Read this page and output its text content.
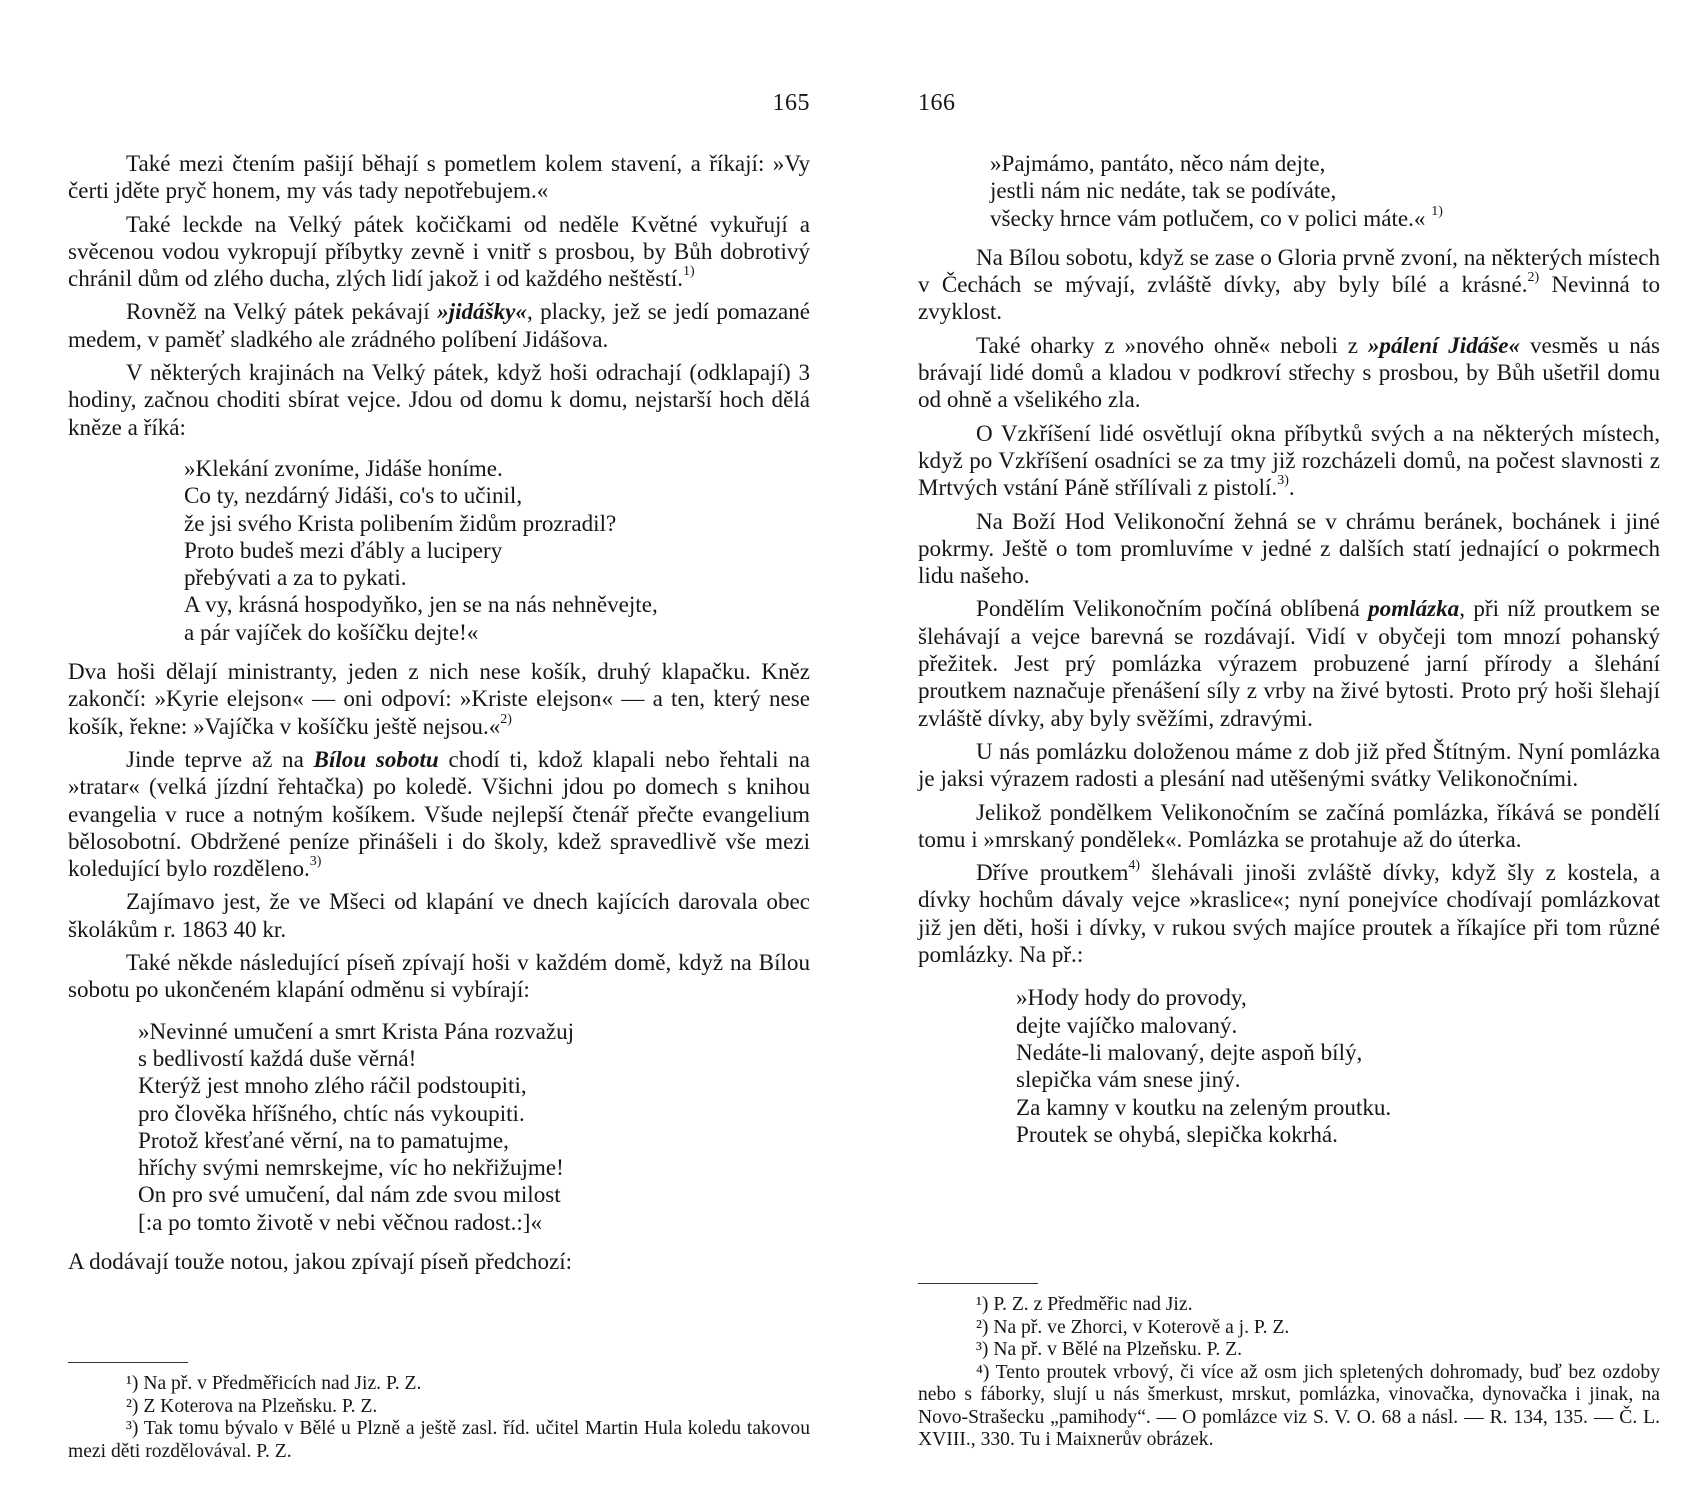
165

Také mezi čtením pašijí běhají s pometlem kolem stavení, a říkají: »Vy čerti jděte pryč honem, my vás tady nepotřebujem.«

Také leckde na Velký pátek kočičkami od neděle Květné vykuřují a svěcenou vodou vykropují příbytky zevně i vnitř s prosbou, by Bůh dobrotivý chránil dům od zlého ducha, zlých lidí jakož i od každého neštěstí.$^{1)}$

Rovněž na Velký pátek pekávají »jidášky«, placky, jež se jedí pomazané medem, v paměť sladkého ale zrádného políbení Jidášova.

V některých krajinách na Velký pátek, když hoši odrachají (odklapají) 3 hodiny, začnou choditi sbírat vejce. Jdou od domu k domu, nejstarší hoch dělá kněze a říká:

»Klekání zvoníme, Jidáše honíme.
Co ty, nezdárný Jidáši, co's to učinil,
že jsi svého Krista polibením židům prozradil?
Proto budeš mezi ďábly a lucipery
přebývati a za to pykati.
A vy, krásná hospodyňko, jen se na nás nehněvejte,
a pár vajíček do košíčku dejte!«

Dva hoši dělají ministranty, jeden z nich nese košík, druhý klapačku. Kněz zakončí: »Kyrie elejson« — oni odpoví: »Kriste elejson« — a ten, který nese košík, řekne: »Vajíčka v košíčku ještě nejsou.«$^{2)}$

Jinde teprve až na Bílou sobotu chodí ti, kdož klapali nebo řehtali na »tratar« (velká jízdní řehtačka) po koledě. Všichni jdou po domech s knihou evangelia v ruce a notným košíkem. Všude nejlepší čtenář přečte evangelium bělosobotní. Obdržené peníze přinášeli i do školy, kdež spravedlivě vše mezi koledující bylo rozděleno.$^{3)}$

Zajímavo jest, že ve Mšeci od klapání ve dnech kajících darovala obec školákům r. 1863 40 kr.

Také někde následující píseň zpívají hoši v každém domě, když na Bílou sobotu po ukončeném klapání odměnu si vybírají:

»Nevinné umučení a smrt Krista Pána rozvažuj
s bedlivostí každá duše věrná!
Kterýž jest mnoho zlého ráčil podstoupiti,
pro člověka hříšného, chtíc nás vykoupiti.
Protož křesťané věrní, na to pamatujme,
hříchy svými nemrskejme, víc ho nekřižujme!
On pro své umučení, dal nám zde svou milost
[:a po tomto životě v nebi věčnou radost.:]«

A dodávají touže notou, jakou zpívají píseň předchozí:

¹) Na př. v Předměřicích nad Jiz. P. Z.

²) Z Koterova na Plzeňsku. P. Z.

³) Tak tomu bývalo v Bělé u Plzně a ještě zasl. říd. učitel Martin Hula koledu takovou mezi děti rozdělovával. P. Z.

166
»Pajmámo, pantáto, něco nám dejte,
jestli nám nic nedáte, tak se podíváte,
všecky hrnce vám potlučem, co v polici máte.« $^{1)}$

Na Bílou sobotu, když se zase o Gloria prvně zvoní, na některých místech v Čechách se mývají, zvláště dívky, aby byly bílé a krásné.$^{2)}$ Nevinná to zvyklost.

Také oharky z »nového ohně« neboli z »pálení Jidáše« vesměs u nás brávají lidé domů a kladou v podkroví střechy s prosbou, by Bůh ušetřil domu od ohně a všelikého zla.

O Vzkříšení lidé osvětlují okna příbytků svých a na některých místech, když po Vzkříšení osadníci se za tmy již rozcházeli domů, na počest slavnosti z Mrtvých vstání Páně střílívali z pistolí.$^{3)}$.

Na Boží Hod Velikonoční žehná se v chrámu beránek, bochánek i jiné pokrmy. Ještě o tom promluvíme v jedné z dalších statí jednající o pokrmech lidu našeho.

Pondělím Velikonočním počíná oblíbená pomlázka, při níž proutkem se šlehávají a vejce barevná se rozdávají. Vidí v obyčeji tom mnozí pohanský přežitek. Jest prý pomlázka výrazem probuzené jarní přírody a šlehání proutkem naznačuje přenášení síly z vrby na živé bytosti. Proto prý hoši šlehají zvláště dívky, aby byly svěžími, zdravými.

U nás pomlázku doloženou máme z dob již před Štítným. Nyní pomlázka je jaksi výrazem radosti a plesání nad utěšenými svátky Velikonočními.

Jelikož pondělkem Velikonočním se začíná pomlázka, říkává se pondělí tomu i »mrskaný pondělek«. Pomlázka se protahuje až do úterka.

Dříve proutkem$^{4)}$ šlehávali jinoši zvláště dívky, když šly z kostela, a dívky hochům dávaly vejce »kraslice«; nyní ponejvíce chodívají pomlázkovat již jen děti, hoši i dívky, v rukou svých majíce proutek a říkajíce při tom různé pomlázky. Na př.:

»Hody hody do provody,
dejte vajíčko malovaný.
Nedáte-li malovaný, dejte aspoň bílý,
slepička vám snese jiný.
Za kamny v koutku na zeleným proutku.
Proutek se ohybá, slepička kokrhá.

¹) P. Z. z Předměřic nad Jiz.

²) Na př. ve Zhorci, v Koterově a j. P. Z.

³) Na př. v Bělé na Plzeňsku. P. Z.

⁴) Tento proutek vrbový, či více až osm jich spletených dohromady, buď bez ozdoby nebo s fáborky, slují u nás šmerkust, mrskut, pomlázka, vinovačka, dynovačka i jinak, na Novo-Strašecku „pamihody“. — O pomlázce viz S. V. O. 68 a násl. — R. 134, 135. — Č. L. XVIII., 330. Tu i Maixnerův obrázek.
